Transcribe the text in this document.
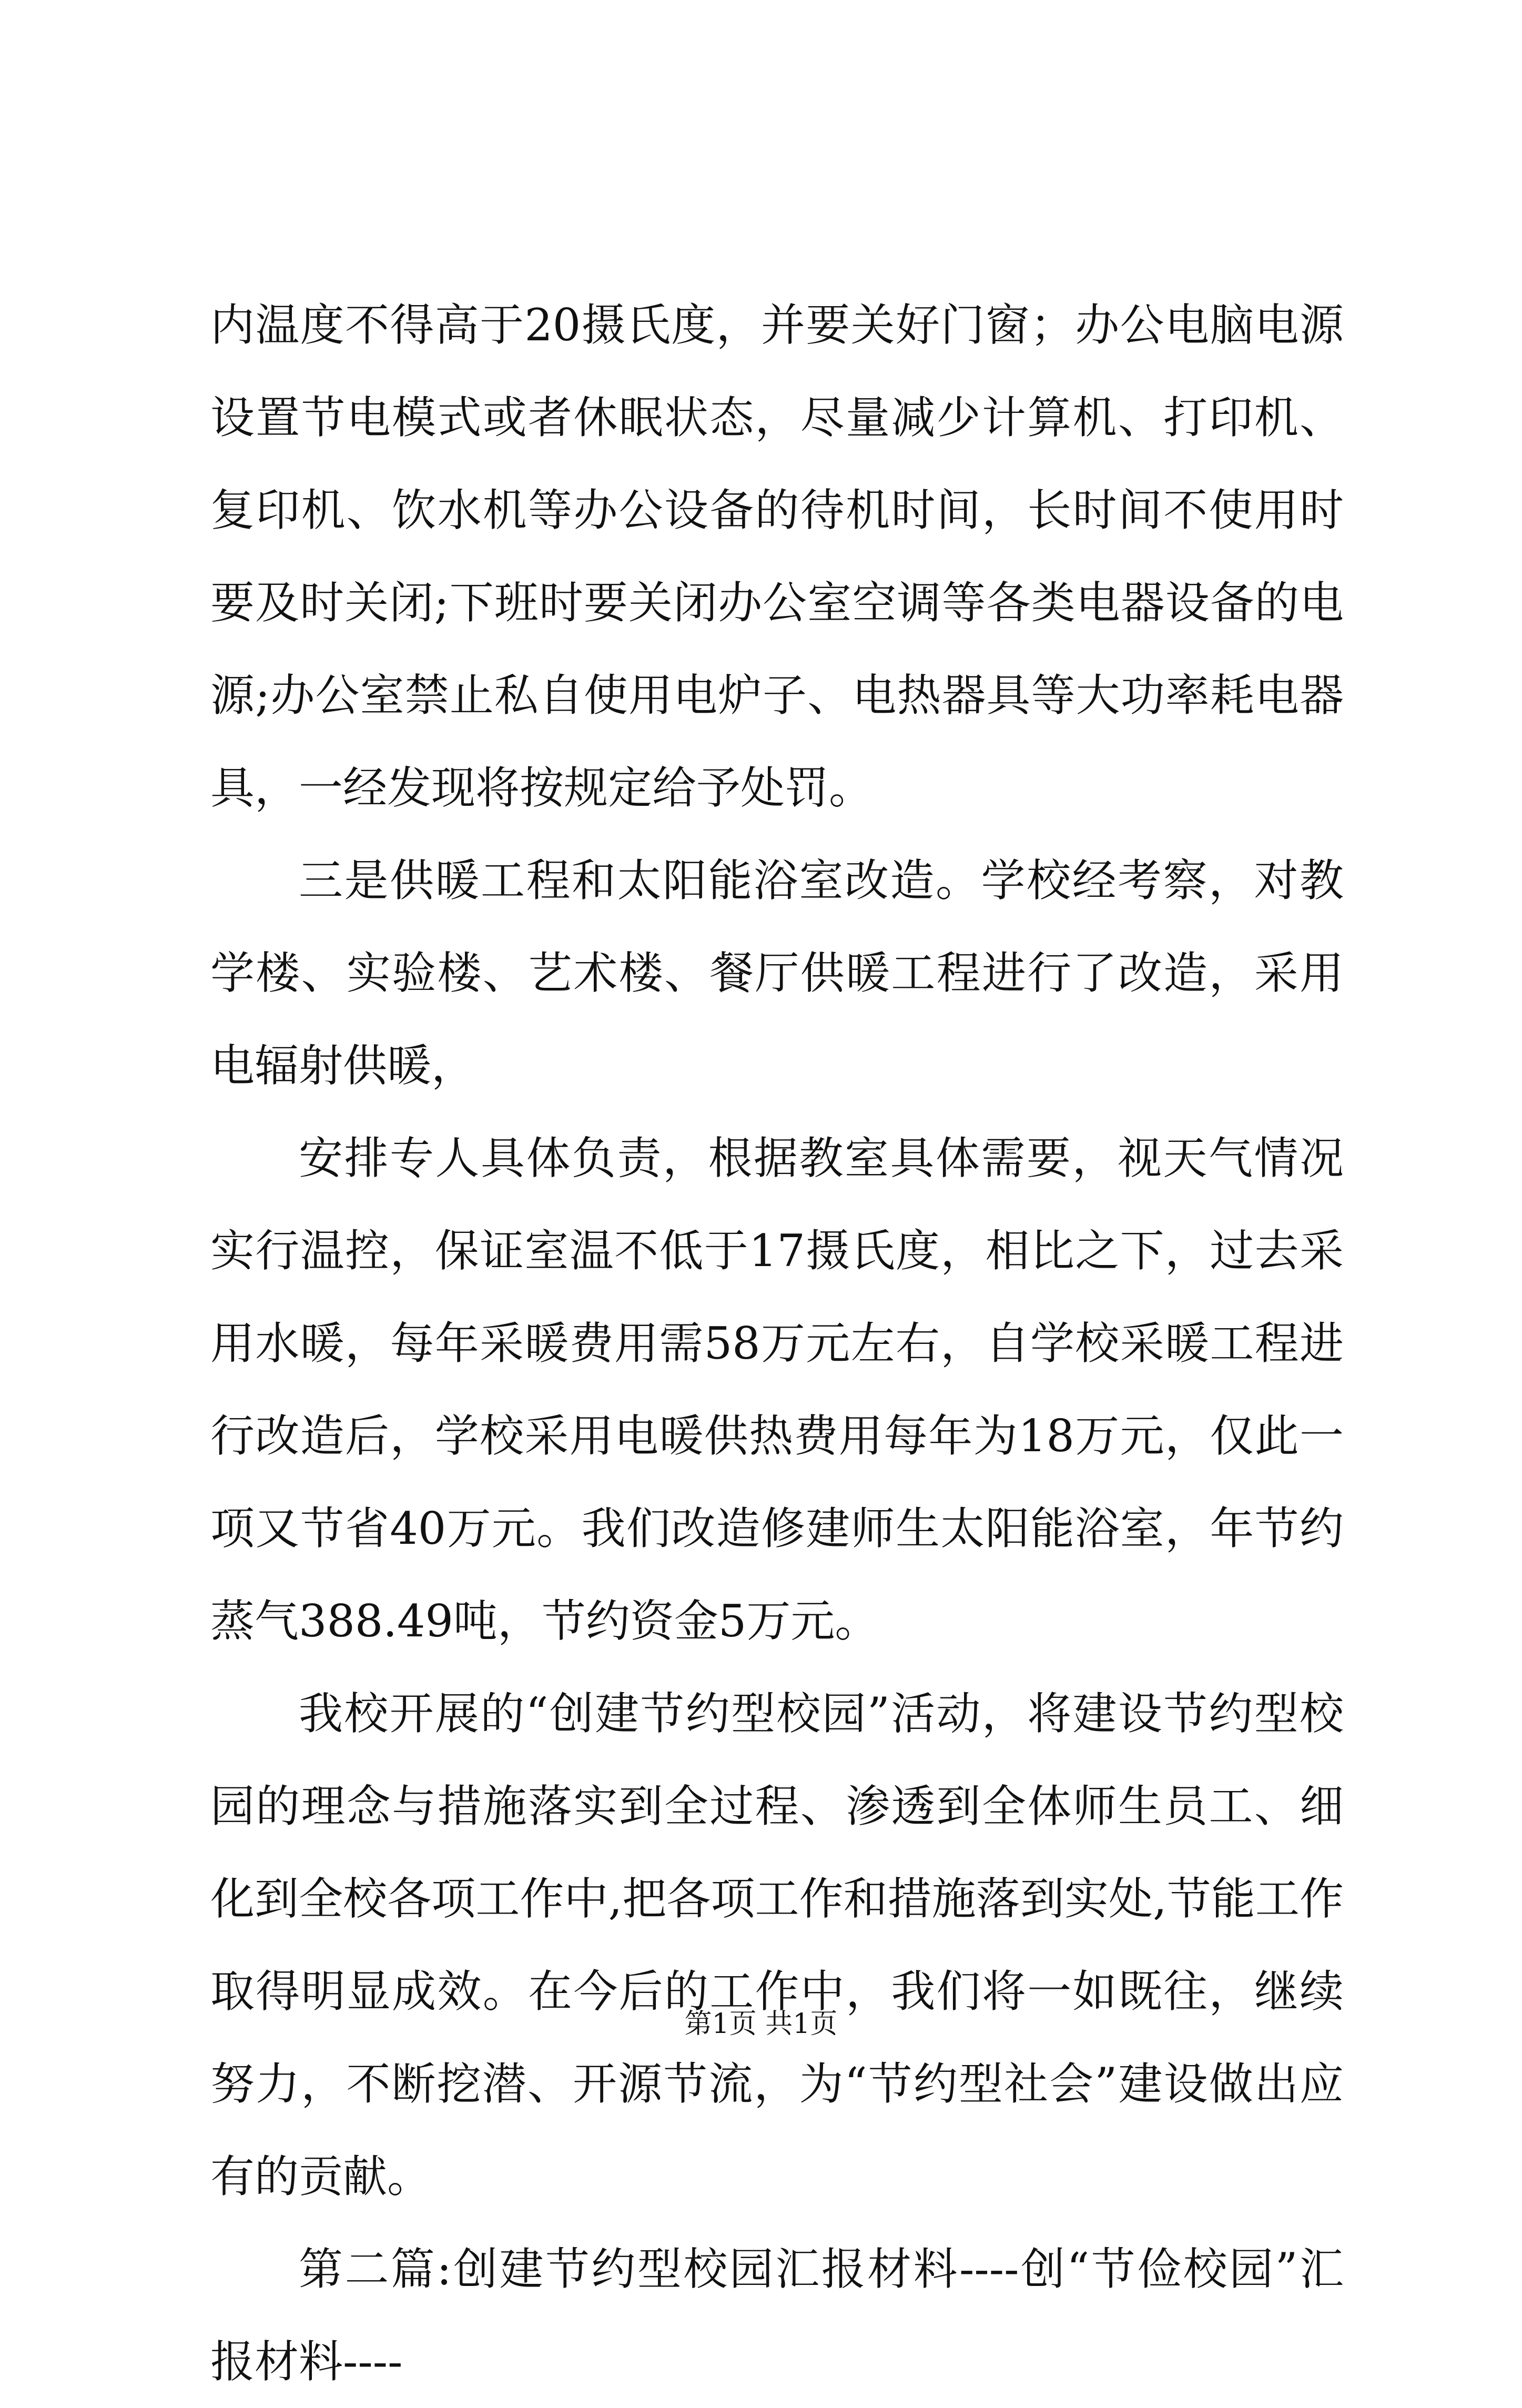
内温度不得高于20摄氏度，并要关好门窗；办公电脑电源设置节电模式或者休眠状态，尽量减少计算机、打印机、复印机、饮水机等办公设备的待机时间，长时间不使用时要及时关闭;下班时要关闭办公室空调等各类电器设备的电源;办公室禁止私自使用电炉子、电热器具等大功率耗电器具，一经发现将按规定给予处罚。

三是供暖工程和太阳能浴室改造。学校经考察，对教学楼、实验楼、艺术楼、餐厅供暖工程进行了改造，采用电辐射供暖，

安排专人具体负责，根据教室具体需要，视天气情况实行温控，保证室温不低于17摄氏度，相比之下，过去采用水暖，每年采暖费用需58万元左右，自学校采暖工程进行改造后，学校采用电暖供热费用每年为18万元，仅此一项又节省40万元。我们改造修建师生太阳能浴室，年节约蒸气388.49吨，节约资金5万元。

我校开展的“创建节约型校园”活动，将建设节约型校园的理念与措施落实到全过程、渗透到全体师生员工、细化到全校各项工作中,把各项工作和措施落到实处,节能工作取得明显成效。在今后的工作中，我们将一如既往，继续努力，不断挖潜、开源节流，为“节约型社会”建设做出应有的贡献。

第二篇:创建节约型校园汇报材料----创“节俭校园”汇报材料----

第1页 共1页
